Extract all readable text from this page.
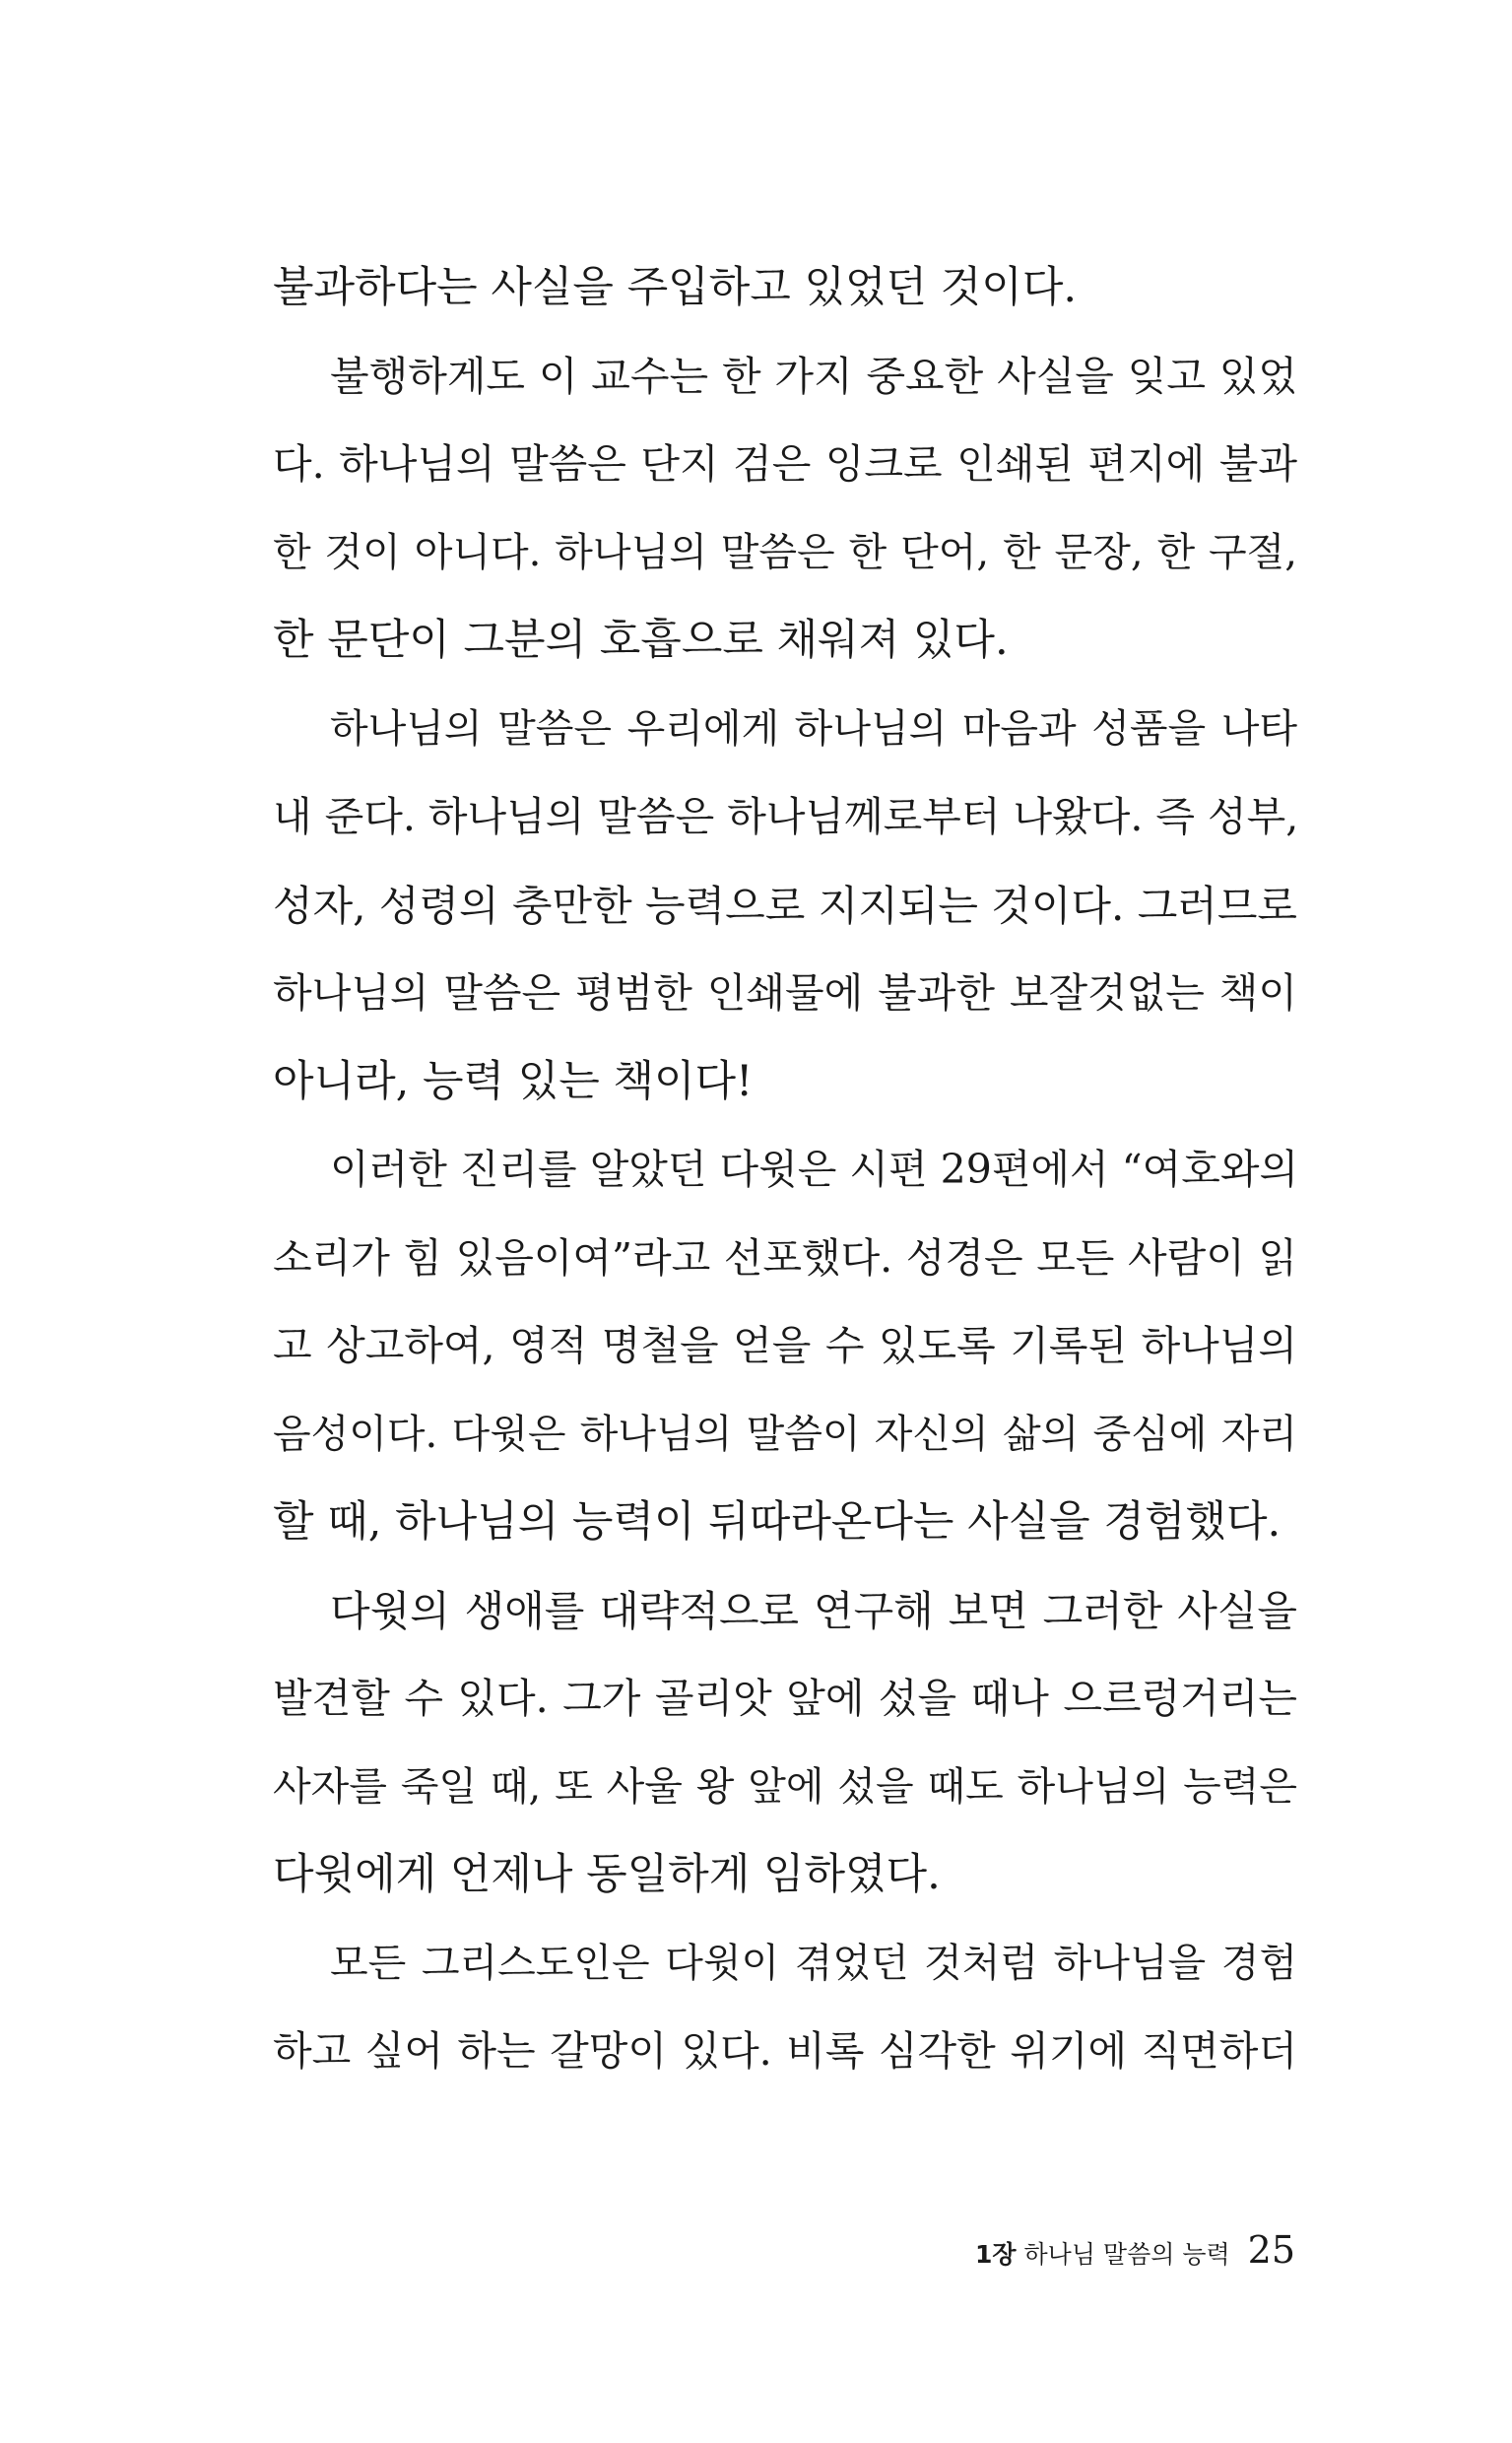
불과하다는 사실을 주입하고 있었던 것이다.
불행하게도 이 교수는 한 가지 중요한 사실을 잊고 있었
다. 하나님의 말씀은 단지 검은 잉크로 인쇄된 편지에 불과
한 것이 아니다. 하나님의 말씀은 한 단어, 한 문장, 한 구절,
한 문단이 그분의 호흡으로 채워져 있다.
하나님의 말씀은 우리에게 하나님의 마음과 성품을 나타
내 준다. 하나님의 말씀은 하나님께로부터 나왔다. 즉 성부,
성자, 성령의 충만한 능력으로 지지되는 것이다. 그러므로
하나님의 말씀은 평범한 인쇄물에 불과한 보잘것없는 책이
아니라, 능력 있는 책이다!
이러한 진리를 알았던 다윗은 시편 29편에서 “여호와의
소리가 힘 있음이여”라고 선포했다. 성경은 모든 사람이 읽
고 상고하여, 영적 명철을 얻을 수 있도록 기록된 하나님의
음성이다. 다윗은 하나님의 말씀이 자신의 삶의 중심에 자리
할 때, 하나님의 능력이 뒤따라온다는 사실을 경험했다.
다윗의 생애를 대략적으로 연구해 보면 그러한 사실을
발견할 수 있다. 그가 골리앗 앞에 섰을 때나 으르렁거리는
사자를 죽일 때, 또 사울 왕 앞에 섰을 때도 하나님의 능력은
다윗에게 언제나 동일하게 임하였다.
모든 그리스도인은 다윗이 겪었던 것처럼 하나님을 경험
하고 싶어 하는 갈망이 있다. 비록 심각한 위기에 직면하더
1장 하나님 말씀의 능력 25
